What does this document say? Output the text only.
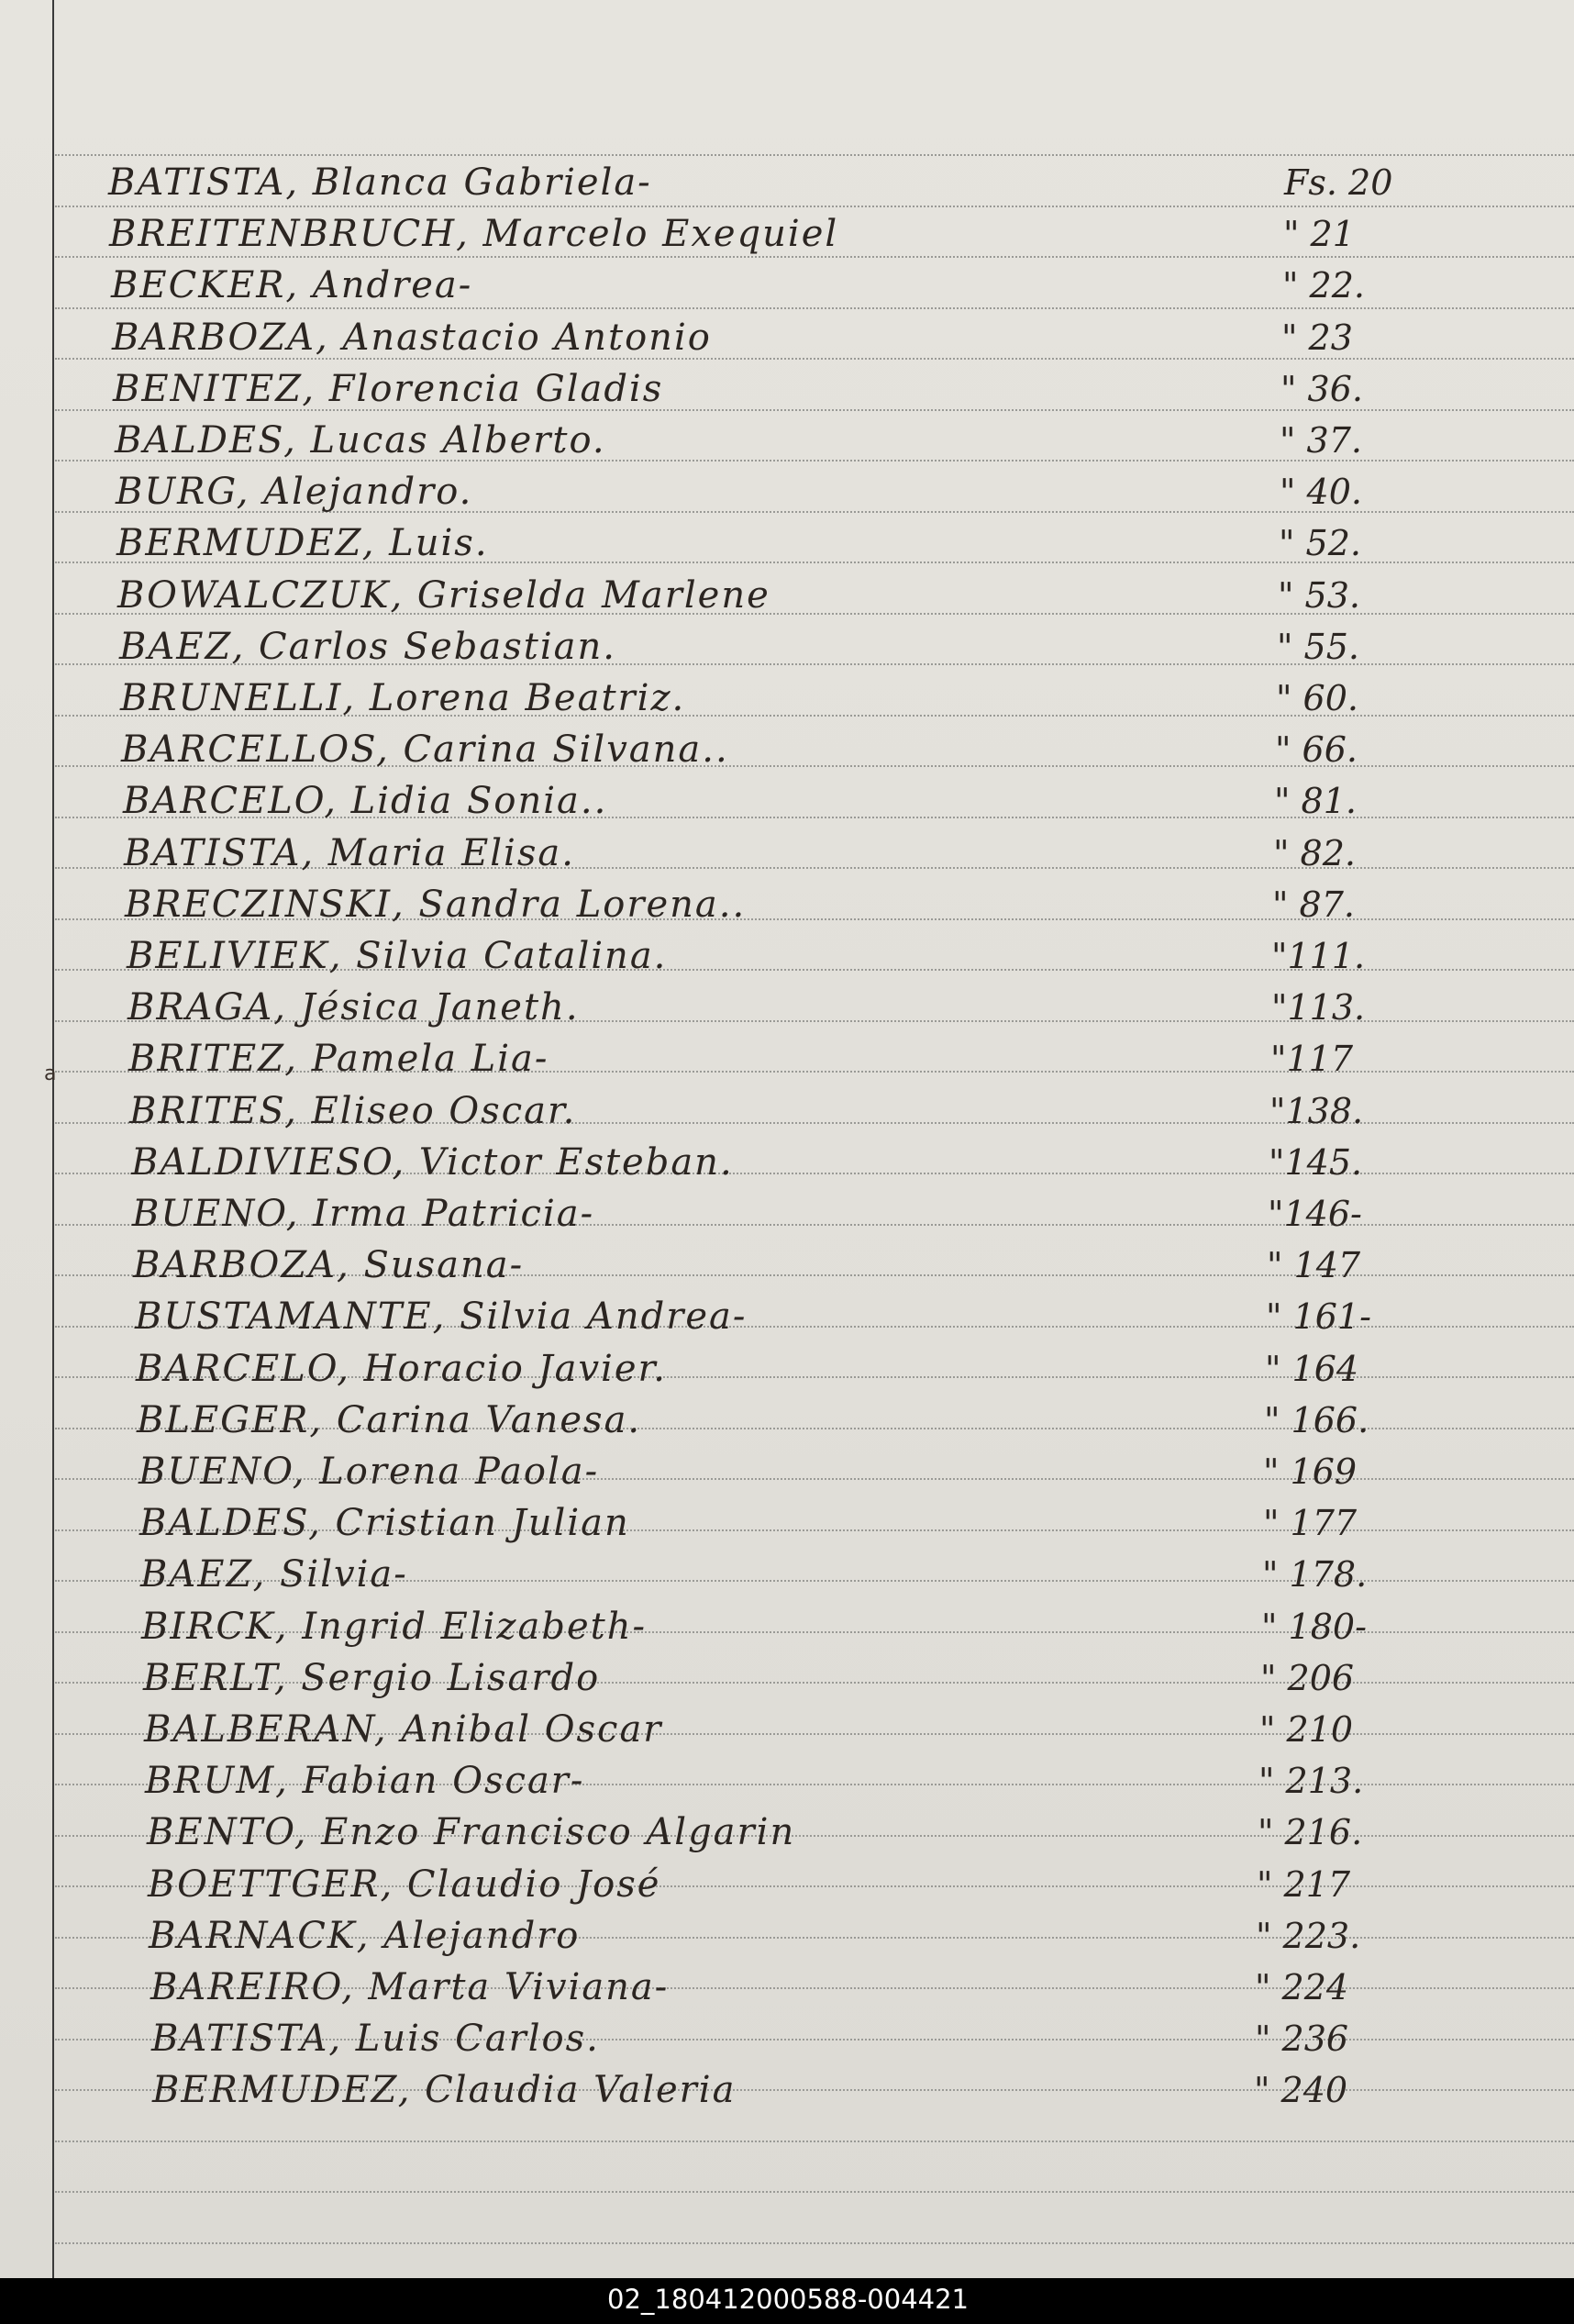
BATISTA, Blanca Gabriela-	Fs. 20
BREITENBRUCH, Marcelo Exequiel	" 21
BECKER, Andrea-	" 22.
BARBOZA, Anastacio Antonio	" 23
BENITEZ, Florencia Gladis	" 36.
BALDES, Lucas Alberto.	" 37.
BURG, Alejandro.	" 40.
BERMUDEZ, Luis.	" 52.
BOWALCZUK, Griselda Marlene	" 53.
BAEZ, Carlos Sebastian.	" 55.
BRUNELLI, Lorena Beatriz.	" 60.
BARCELLOS, Carina Silvana..	" 66.
BARCELO, Lidia Sonia..	" 81.
BATISTA, Maria Elisa.	" 82.
BRECZINSKI, Sandra Lorena..	" 87.
BELIVIEK, Silvia Catalina.	"111.
BRAGA, Jésica Janeth.	"113.
BRITEZ, Pamela Lia-	"117
BRITES, Eliseo Oscar.	"138.
BALDIVIESO, Victor Esteban.	"145.
BUENO, Irma Patricia-	"146-
BARBOZA, Susana-	" 147
BUSTAMANTE, Silvia Andrea-	" 161-
BARCELO, Horacio Javier.	" 164
BLEGER, Carina Vanesa.	" 166.
BUENO, Lorena Paola-	" 169
BALDES, Cristian Julian	" 177
BAEZ, Silvia-	" 178.
BIRCK, Ingrid Elizabeth-	" 180-
BERLT, Sergio Lisardo	" 206
BALBERAN, Anibal Oscar	" 210
BRUM, Fabian Oscar-	" 213.
BENTO, Enzo Francisco Algarin	" 216.
BOETTGER, Claudio José	" 217
BARNACK, Alejandro	" 223.
BAREIRO, Marta Viviana-	" 224
BATISTA, Luis Carlos.	" 236
BERMUDEZ, Claudia Valeria	" 240
a
02_180412000588-004421
